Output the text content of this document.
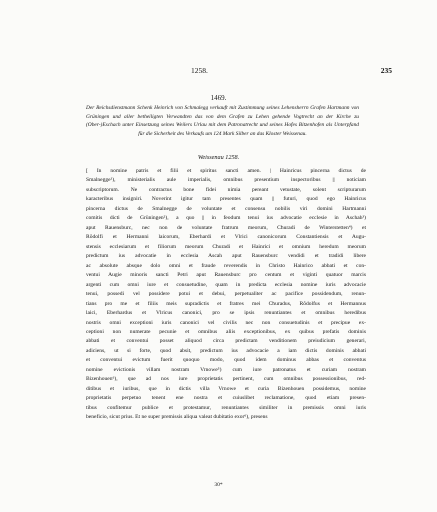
1258.	235
1469.
Der Reichsdienstmann Schenk Heinrich von Schmalegg verkauft mit Zustimmung seines Lehensherrn Grafen Hartmann von Grüningen und aller betheiligten Verwandten das von dem Grafen zu Lehen gehende Vogtrecht an der Kirche zu (Ober-)Eschach unter Einsetzung seines Weilers Urlau mit dem Patronatrecht und seines Hofes Bitzenhofen als Unterpfand für die Sicherheit des Verkaufs um 124 Mark Silber an das Kloster Weissenau.
Weissenau 1258.
[ In nomine patris et filii et spiritus sancti amen. | Hainricus pincerna dictus de
Smalnegge¹), ministerialis aule imperialis, omnibus presentium inspectoribus || noticiam
subscriptorum. Ne contractus bone fidei nimia pereant vetustate, solent scripturarum
karacteribus insigniri. Noverint igitur tam presentes quam || futuri, quod ego Hainricus
pincerna dictus de Smalnegge de voluntate et consensu nobilis viri domini Hartmanni
comitis dicti de Grüningen²), a quo || in feodum tenui ius advocatie ecclesie in Aschah³)
aput Rauensburc, nec non de voluntate fratrum meorum, Cħuradi de Winterstetten⁴) et
Rŏdolfi et Hermanni laicorum, Eberhardi et Vlrici canonicorum Constantiensis et Augu-
stensis ecclesiarum et filiorum meorum Cħuradi et Hainrici et omnium heredum meorum
predictum ius advocatie in ecclesia Ascah aput Rauensburc vendidi et tradidi libere
ac absolute absque dolo omni et fraude reverendis in Christo Hainrico abbati et con-
ventui Augie minoris sancti Petri aput Rauensburc pro centum et viginti quatuor marcis
argenti cum omni iure et consuetudine, quam in predicta ecclesia nomine iuris advocacie
tenui, possedi vel possidere potui et debui, perpetualiter ac pacifice possidendum, renun-
tians pro me et filiis meis supradictis et fratres mei Cħuradus, Rŏdolfus et Hermannus
laici, Eberhardus et Vlricus canonici, pro se ipsis renuntiantes et omnibus heredibus
nostris omni exceptioni iuris canonici vel civilis nec non consuetudinis et precipue ex-
ceptioni non numerate pecunie et omnibus aliis exceptionibus, ex quibus prefatis dominis
abbati et conventui posset aliquod circa predictam venditionem preiudicium generari,
adiciens, ut si forte, quod absit, predictum ius advocacie a iam dictis dominis abbati
et conventui evictum fuerit quoquo modo, quod idem dominus abbas et conventus
nomine evictionis villam nostram Vrnowe⁵) cum iure patronatus et curiam nostram
Bizenhouen⁶), que ad nos iure proprietatis pertinent, cum omnibus possessionibus, red-
ditibus et iuribus, que in dictis villa Vrnowe et curia Bizenhouen possidemus, nomine
proprietatis perpetuo tenent ene nostra et cuiuslibet reclamatione, quod etiam presen-
tibus confitemur publice et protestamur, renuntiantes similiter in premissis omni iuris
beneficio, sicut prius. Et ne super premissis aliqua valeat dubitatio exor⁶), presens
30*
